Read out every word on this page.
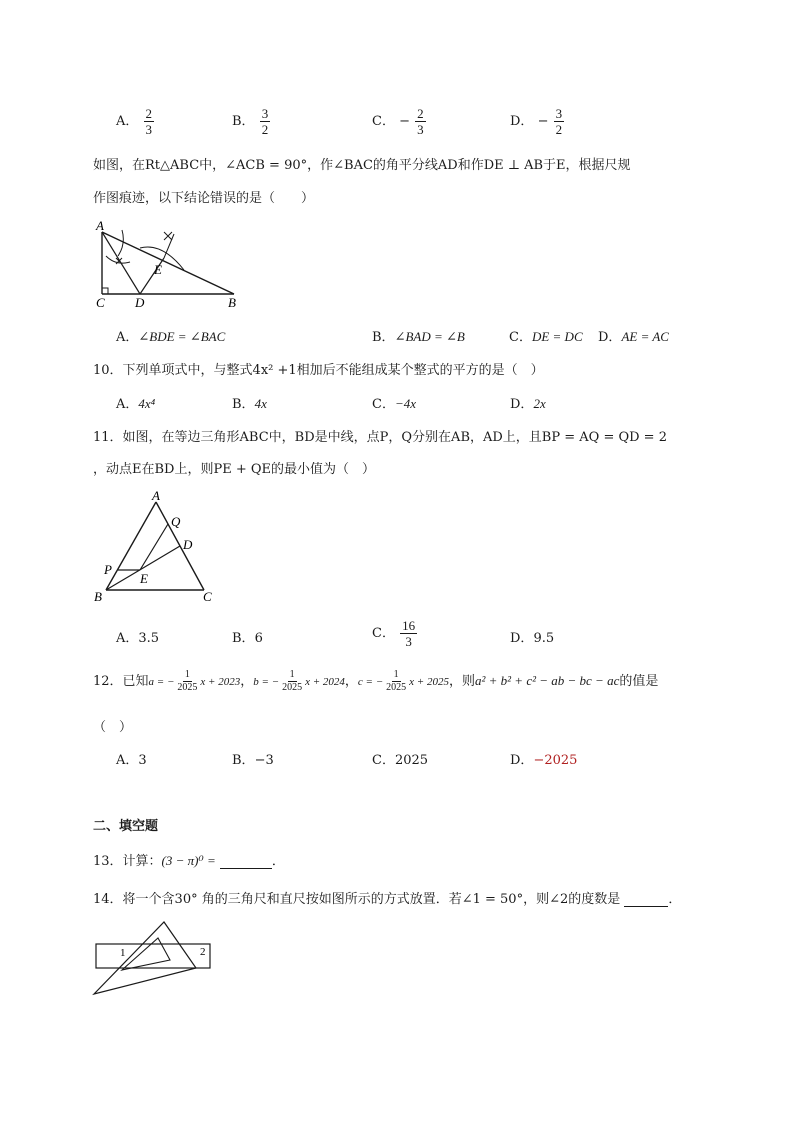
A． $\frac{2}{3}$	B． $\frac{3}{2}$	C． − $\frac{2}{3}$	D． − $\frac{3}{2}$
如图，在Rt△ABC中，∠ACB = 90°，作∠BAC的角平分线AD和作DE ⊥ AB于E，根据尺规
作图痕迹，以下结论错误的是（　　）
A
C D	B
E
A．∠BDE = ∠BAC	B．∠BAD = ∠B	C．DE = DC D．AE = AC
10．下列单项式中，与整式4x² +1相加后不能组成某个整式的平方的是（　）
A．4x⁴	B．4x	C．−4x	D．2x
11．如图，在等边三角形ABC中，BD是中线，点P，Q分别在AB，AD上，且BP = AQ = QD = 2
，动点E在BD上，则PE + QE的最小值为（　）
A
Q
D
P
E
B	C
A．3.5	B．6	C． $\frac{16}{3}$	D．9.5
12．已知a = − $\frac{1}{2025}$ x + 2023，b = − $\frac{1}{2025}$ x + 2024，c = − $\frac{1}{2025}$ x + 2025，则a² + b² + c² − ab − bc − ac的值是
（　）
A．3	B．−3	C．2025	D．−2025
二、填空题
13．计算：(3 − π)⁰ =	．
14．将一个含30° 角的三角尺和直尺按如图所示的方式放置．若∠1 = 50°，则∠2的度数是	．
1	2
